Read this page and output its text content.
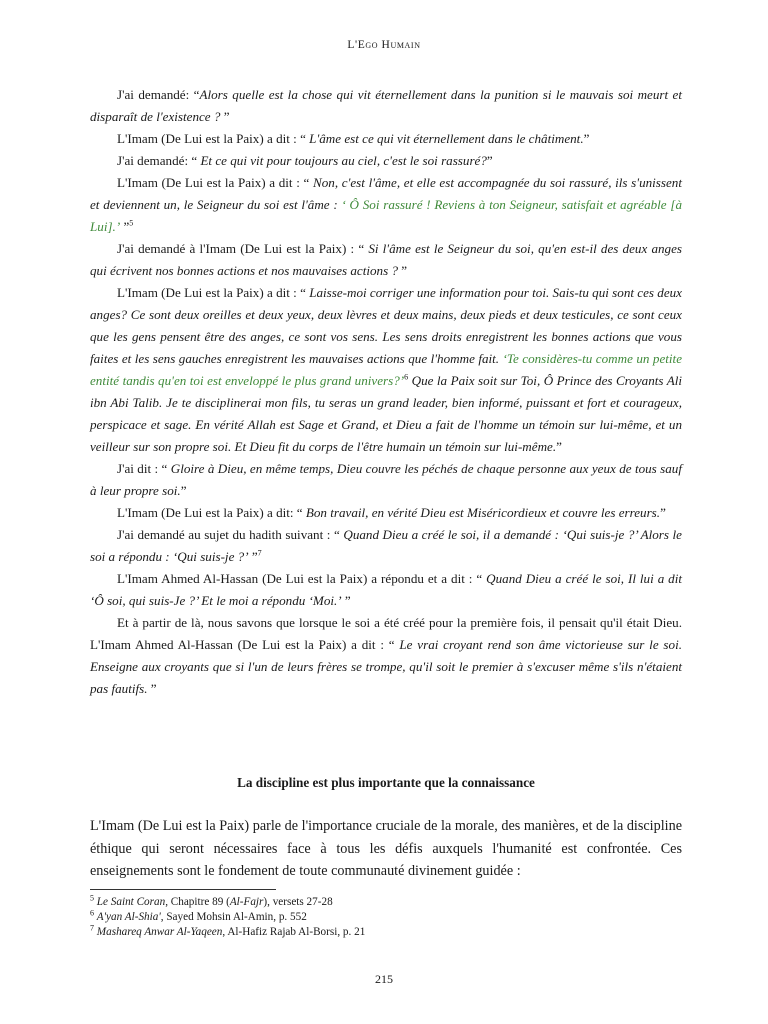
L'Ego Humain

J'ai demandé: “Alors quelle est la chose qui vit éternellement dans la punition si le mauvais soi meurt et disparaît de l'existence ? ”

L'Imam (De Lui est la Paix) a dit : “ L'âme est ce qui vit éternellement dans le châtiment.”

J'ai demandé: “ Et ce qui vit pour toujours au ciel, c'est le soi rassuré?”

L'Imam (De Lui est la Paix) a dit : “ Non, c'est l'âme, et elle est accompagnée du soi rassuré, ils s'unissent et deviennent un, le Seigneur du soi est l'âme : ‘ Ô Soi rassuré ! Reviens à ton Seigneur, satisfait et agréable [à Lui].’ ”$^5$

J'ai demandé à l'Imam (De Lui est la Paix) : “ Si l'âme est le Seigneur du soi, qu'en est-il des deux anges qui écrivent nos bonnes actions et nos mauvaises actions ? ”

L'Imam (De Lui est la Paix) a dit : “ Laisse-moi corriger une information pour toi. Sais-tu qui sont ces deux anges? Ce sont deux oreilles et deux yeux, deux lèvres et deux mains, deux pieds et deux testicules, ce sont ceux que les gens pensent être des anges, ce sont vos sens. Les sens droits enregistrent les bonnes actions que vous faites et les sens gauches enregistrent les mauvaises actions que l'homme fait. ‘Te considères-tu comme un petite entité tandis qu'en toi est enveloppé le plus grand univers?’$^6$ Que la Paix soit sur Toi, Ô Prince des Croyants Ali ibn Abi Talib. Je te disciplinerai mon fils, tu seras un grand leader, bien informé, puissant et fort et courageux, perspicace et sage. En vérité Allah est Sage et Grand, et Dieu a fait de l'homme un témoin sur lui-même, et un veilleur sur son propre soi. Et Dieu fit du corps de l'être humain un témoin sur lui-même.”

J'ai dit : “ Gloire à Dieu, en même temps, Dieu couvre les péchés de chaque personne aux yeux de tous sauf à leur propre soi.”

L'Imam (De Lui est la Paix) a dit: “ Bon travail, en vérité Dieu est Miséricordieux et couvre les erreurs.”

J'ai demandé au sujet du hadith suivant : “ Quand Dieu a créé le soi, il a demandé : ‘Qui suis-je ?’ Alors le soi a répondu : ‘Qui suis-je ?’ ”$^7$

L'Imam Ahmed Al-Hassan (De Lui est la Paix) a répondu et a dit : “ Quand Dieu a créé le soi, Il lui a dit ‘Ô soi, qui suis-Je ?’ Et le moi a répondu ‘Moi.’ ”

Et à partir de là, nous savons que lorsque le soi a été créé pour la première fois, il pensait qu'il était Dieu. L'Imam Ahmed Al-Hassan (De Lui est la Paix) a dit : “ Le vrai croyant rend son âme victorieuse sur le soi. Enseigne aux croyants que si l'un de leurs frères se trompe, qu'il soit le premier à s'excuser même s'ils n'étaient pas fautifs. ”

La discipline est plus importante que la connaissance

L'Imam (De Lui est la Paix) parle de l'importance cruciale de la morale, des manières, et de la discipline éthique qui seront nécessaires face à tous les défis auxquels l'humanité est confrontée. Ces enseignements sont le fondement de toute communauté divinement guidée :

$^5$ Le Saint Coran, Chapitre 89 (Al-Fajr), versets 27-28
$^6$ A'yan Al-Shia', Sayed Mohsin Al-Amin, p. 552
$^7$ Mashareq Anwar Al-Yaqeen, Al-Hafiz Rajab Al-Borsi, p. 21
215
